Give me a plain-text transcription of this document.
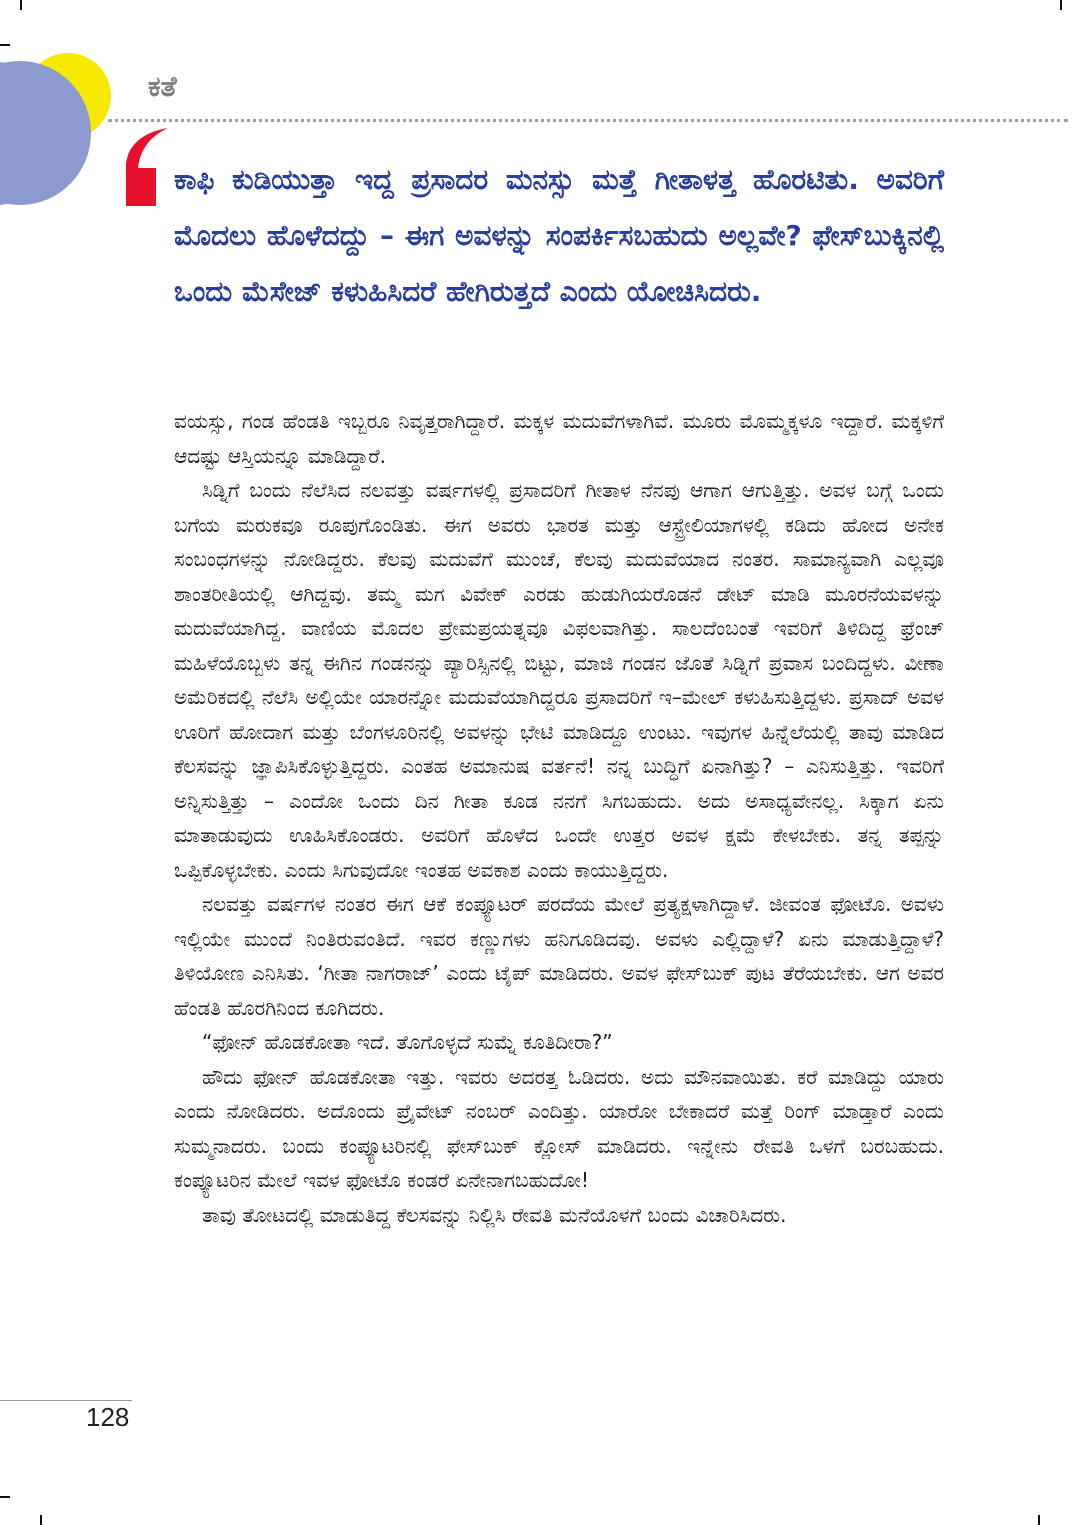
ಕತೆ

ಕಾಫಿ ಕುಡಿಯುತ್ತಾ ಇದ್ದ ಪ್ರಸಾದರ ಮನಸ್ಸು ಮತ್ತೆ ಗೀತಾಳತ್ತ ಹೊರಟಿತು. ಅವರಿಗೆ ಮೊದಲು ಹೊಳೆದದ್ದು – ಈಗ ಅವಳನ್ನು ಸಂಪರ್ಕಿಸಬಹುದು ಅಲ್ಲವೇ? ಫೇಸ್‌ಬುಕ್ಕಿನಲ್ಲಿ ಒಂದು ಮೆಸೇಜ್ ಕಳುಹಿಸಿದರೆ ಹೇಗಿರುತ್ತದೆ ಎಂದು ಯೋಚಿಸಿದರು.

ವಯಸ್ಸು, ಗಂಡ ಹೆಂಡತಿ ಇಬ್ಬರೂ ನಿವೃತ್ತರಾಗಿದ್ದಾರೆ. ಮಕ್ಕಳ ಮದುವೆಗಳಾಗಿವೆ. ಮೂರು ಮೊಮ್ಮಕ್ಕಳೂ ಇದ್ದಾರೆ. ಮಕ್ಕಳಿಗೆ ಆದಷ್ಟು ಆಸ್ತಿಯನ್ನೂ ಮಾಡಿದ್ದಾರೆ.

ಸಿಡ್ನಿಗೆ ಬಂದು ನೆಲೆಸಿದ ನಲವತ್ತು ವರ್ಷಗಳಲ್ಲಿ ಪ್ರಸಾದರಿಗೆ ಗೀತಾಳ ನೆನಪು ಆಗಾಗ ಆಗುತ್ತಿತ್ತು. ಅವಳ ಬಗ್ಗೆ ಒಂದು ಬಗೆಯ ಮರುಕವೂ ರೂಪುಗೊಂಡಿತು. ಈಗ ಅವರು ಭಾರತ ಮತ್ತು ಆಸ್ಟ್ರೇಲಿಯಾಗಳಲ್ಲಿ ಕಡಿದು ಹೋದ ಅನೇಕ ಸಂಬಂಧಗಳನ್ನು ನೋಡಿದ್ದರು. ಕೆಲವು ಮದುವೆಗೆ ಮುಂಚೆ, ಕೆಲವು ಮದುವೆಯಾದ ನಂತರ. ಸಾಮಾನ್ಯವಾಗಿ ಎಲ್ಲವೂ ಶಾಂತರೀತಿಯಲ್ಲಿ ಆಗಿದ್ದವು. ತಮ್ಮ ಮಗ ವಿವೇಕ್ ಎರಡು ಹುಡುಗಿಯರೊಡನೆ ಡೇಟ್ ಮಾಡಿ ಮೂರನೆಯವಳನ್ನು ಮದುವೆಯಾಗಿದ್ದ. ವಾಣಿಯ ಮೊದಲ ಪ್ರೇಮಪ್ರಯತ್ನವೂ ವಿಫಲವಾಗಿತ್ತು. ಸಾಲದೆಂಬಂತೆ ಇವರಿಗೆ ತಿಳಿದಿದ್ದ ಫ್ರೆಂಚ್ ಮಹಿಳೆಯೊಬ್ಬಳು ತನ್ನ ಈಗಿನ ಗಂಡನನ್ನು ಪ್ಯಾರಿಸ್ಸಿನಲ್ಲಿ ಬಿಟ್ಟು, ಮಾಜಿ ಗಂಡನ ಜೊತೆ ಸಿಡ್ನಿಗೆ ಪ್ರವಾಸ ಬಂದಿದ್ದಳು. ವೀಣಾ ಅಮೆರಿಕದಲ್ಲಿ ನೆಲೆಸಿ ಅಲ್ಲಿಯೇ ಯಾರನ್ನೋ ಮದುವೆಯಾಗಿದ್ದರೂ ಪ್ರಸಾದರಿಗೆ ಇ–ಮೇಲ್ ಕಳುಹಿಸುತ್ತಿದ್ದಳು. ಪ್ರಸಾದ್ ಅವಳ ಊರಿಗೆ ಹೋದಾಗ ಮತ್ತು ಬೆಂಗಳೂರಿನಲ್ಲಿ ಅವಳನ್ನು ಭೇಟಿ ಮಾಡಿದ್ದೂ ಉಂಟು. ಇವುಗಳ ಹಿನ್ನೆಲೆಯಲ್ಲಿ ತಾವು ಮಾಡಿದ ಕೆಲಸವನ್ನು ಜ್ಞಾಪಿಸಿಕೊಳ್ಳುತ್ತಿದ್ದರು. ಎಂತಹ ಅಮಾನುಷ ವರ್ತನೆ! ನನ್ನ ಬುದ್ಧಿಗೆ ಏನಾಗಿತ್ತು? – ಎನಿಸುತ್ತಿತ್ತು. ಇವರಿಗೆ ಅನ್ನಿಸುತ್ತಿತ್ತು – ಎಂದೋ ಒಂದು ದಿನ ಗೀತಾ ಕೂಡ ನನಗೆ ಸಿಗಬಹುದು. ಅದು ಅಸಾಧ್ಯವೇನಲ್ಲ. ಸಿಕ್ಕಾಗ ಏನು ಮಾತಾಡುವುದು ಊಹಿಸಿಕೊಂಡರು. ಅವರಿಗೆ ಹೊಳೆದ ಒಂದೇ ಉತ್ತರ ಅವಳ ಕ್ಷಮೆ ಕೇಳಬೇಕು. ತನ್ನ ತಪ್ಪನ್ನು ಒಪ್ಪಿಕೊಳ್ಳಬೇಕು. ಎಂದು ಸಿಗುವುದೋ ಇಂತಹ ಅವಕಾಶ ಎಂದು ಕಾಯುತ್ತಿದ್ದರು.

ನಲವತ್ತು ವರ್ಷಗಳ ನಂತರ ಈಗ ಆಕೆ ಕಂಪ್ಯೂಟರ್ ಪರದೆಯ ಮೇಲೆ ಪ್ರತ್ಯಕ್ಷಳಾಗಿದ್ದಾಳೆ. ಜೀವಂತ ಫೋಟೊ. ಅವಳು ಇಲ್ಲಿಯೇ ಮುಂದೆ ನಿಂತಿರುವಂತಿದೆ. ಇವರ ಕಣ್ಣುಗಳು ಹನಿಗೂಡಿದವು. ಅವಳು ಎಲ್ಲಿದ್ದಾಳೆ? ಏನು ಮಾಡುತ್ತಿದ್ದಾಳೆ? ತಿಳಿಯೋಣ ಎನಿಸಿತು. ‘ಗೀತಾ ನಾಗರಾಜ್’ ಎಂದು ಟೈಪ್ ಮಾಡಿದರು. ಅವಳ ಫೇಸ್‌ಬುಕ್ ಪುಟ ತೆರೆಯಬೇಕು. ಆಗ ಅವರ ಹೆಂಡತಿ ಹೊರಗಿನಿಂದ ಕೂಗಿದರು.

“ಫೋನ್ ಹೊಡಕೋತಾ ಇದೆ. ತೊಗೊಳ್ಳದೆ ಸುಮ್ನೆ ಕೂತಿದೀರಾ?”

ಹೌದು ಫೋನ್ ಹೊಡಕೋತಾ ಇತ್ತು. ಇವರು ಅದರತ್ತ ಓಡಿದರು. ಅದು ಮೌನವಾಯಿತು. ಕರೆ ಮಾಡಿದ್ದು ಯಾರು ಎಂದು ನೋಡಿದರು. ಅದೊಂದು ಪ್ರೈವೇಟ್ ನಂಬರ್ ಎಂದಿತ್ತು. ಯಾರೋ ಬೇಕಾದರೆ ಮತ್ತೆ ರಿಂಗ್ ಮಾಡ್ತಾರೆ ಎಂದು ಸುಮ್ಮನಾದರು. ಬಂದು ಕಂಪ್ಯೂಟರಿನಲ್ಲಿ ಫೇಸ್‌ಬುಕ್ ಕ್ಲೋಸ್ ಮಾಡಿದರು. ಇನ್ನೇನು ರೇವತಿ ಒಳಗೆ ಬರಬಹುದು. ಕಂಪ್ಯೂಟರಿನ ಮೇಲೆ ಇವಳ ಫೋಟೊ ಕಂಡರೆ ಏನೇನಾಗಬಹುದೋ!

ತಾವು ತೋಟದಲ್ಲಿ ಮಾಡುತಿದ್ದ ಕೆಲಸವನ್ನು ನಿಲ್ಲಿಸಿ ರೇವತಿ ಮನೆಯೊಳಗೆ ಬಂದು ವಿಚಾರಿಸಿದರು.

128
